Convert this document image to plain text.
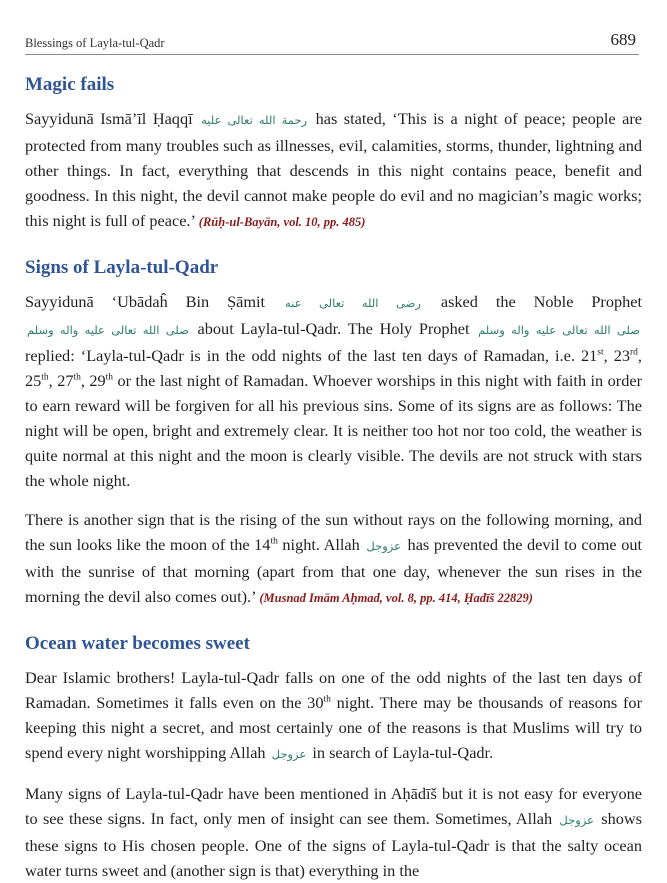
Blessings of Layla-tul-Qadr	689
Magic fails

Sayyidunā Ismā’īl Ḥaqqī رحمة الله تعالی علیه has stated, ‘This is a night of peace; people are protected from many troubles such as illnesses, evil, calamities, storms, thunder, lightning and other things. In fact, everything that descends in this night contains peace, benefit and goodness. In this night, the devil cannot make people do evil and no magician’s magic works; this night is full of peace.’ (Rūḥ-ul-Bayān, vol. 10, pp. 485)

Signs of Layla-tul-Qadr

Sayyidunā ‘Ubādaĥ Bin Ṣāmit رضی الله تعالی عنه asked the Noble Prophet صلی الله تعالی علیه واله وسلم about Layla-tul-Qadr. The Holy Prophet صلی الله تعالی علیه واله وسلم replied: ‘Layla-tul-Qadr is in the odd nights of the last ten days of Ramadan, i.e. 21st, 23rd, 25th, 27th, 29th or the last night of Ramadan. Whoever worships in this night with faith in order to earn reward will be forgiven for all his previous sins. Some of its signs are as follows: The night will be open, bright and extremely clear. It is neither too hot nor too cold, the weather is quite normal at this night and the moon is clearly visible. The devils are not struck with stars the whole night.

There is another sign that is the rising of the sun without rays on the following morning, and the sun looks like the moon of the 14th night. Allah عزوجل has prevented the devil to come out with the sunrise of that morning (apart from that one day, whenever the sun rises in the morning the devil also comes out).’ (Musnad Imām Aḥmad, vol. 8, pp. 414, Ḥadīš 22829)

Ocean water becomes sweet

Dear Islamic brothers! Layla-tul-Qadr falls on one of the odd nights of the last ten days of Ramadan. Sometimes it falls even on the 30th night. There may be thousands of reasons for keeping this night a secret, and most certainly one of the reasons is that Muslims will try to spend every night worshipping Allah عزوجل in search of Layla-tul-Qadr.

Many signs of Layla-tul-Qadr have been mentioned in Aḥādīš but it is not easy for everyone to see these signs. In fact, only men of insight can see them. Sometimes, Allah عزوجل shows these signs to His chosen people. One of the signs of Layla-tul-Qadr is that the salty ocean water turns sweet and (another sign is that) everything in the
